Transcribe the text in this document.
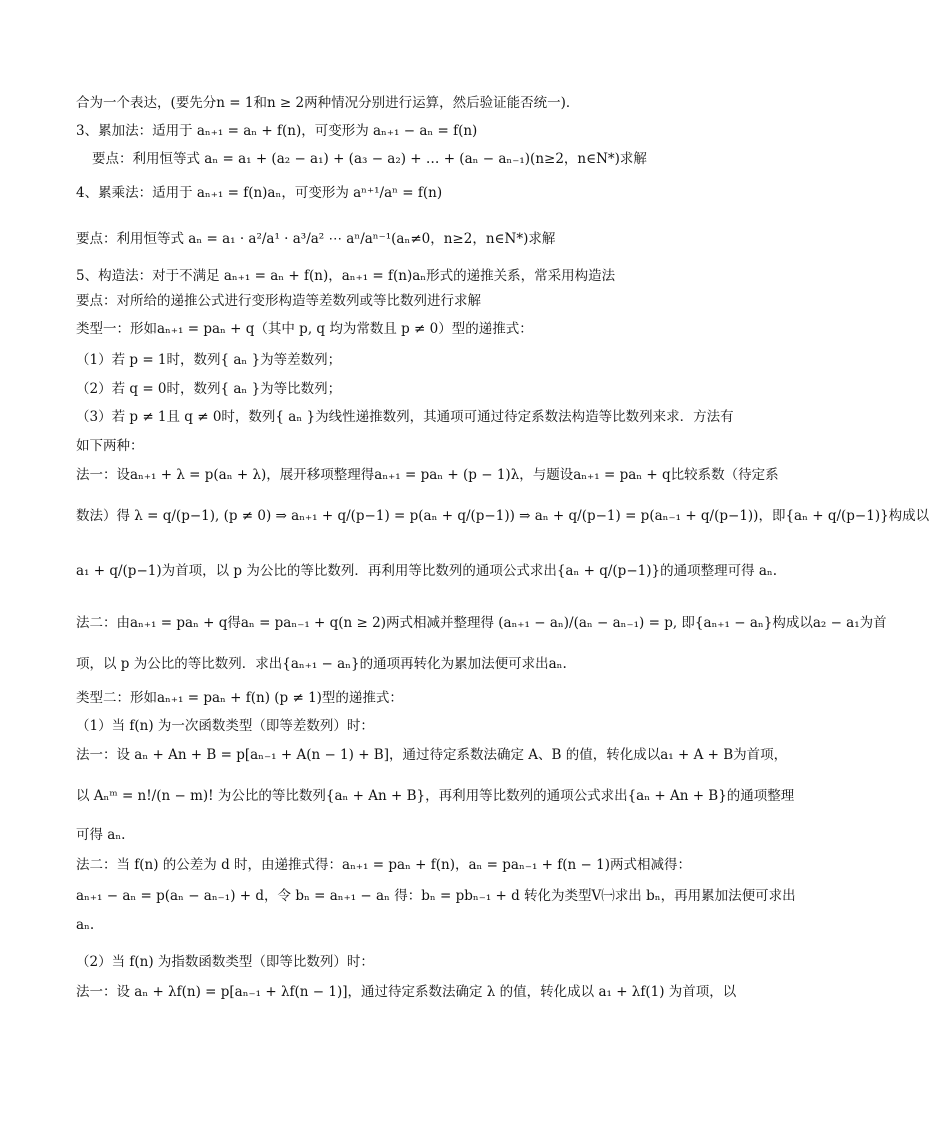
合为一个表达，(要先分n = 1和n ≥ 2两种情况分别进行运算，然后验证能否统一)．
3、累加法：适用于 aₙ₊₁ = aₙ + f(n)，可变形为 aₙ₊₁ − aₙ = f(n)
要点：利用恒等式 aₙ = a₁ + (a₂ − a₁) + (a₃ − a₂) + … + (aₙ − aₙ₋₁)(n≥2，n∈N*)求解
4、累乘法：适用于 aₙ₊₁ = f(n)aₙ，可变形为 aⁿ⁺¹/aⁿ = f(n)
要点：利用恒等式 aₙ = a₁ · a²/a¹ · a³/a² ⋯ aⁿ/aⁿ⁻¹(aₙ≠0，n≥2，n∈N*)求解
5、构造法：对于不满足 aₙ₊₁ = aₙ + f(n)，aₙ₊₁ = f(n)aₙ形式的递推关系，常采用构造法
要点：对所给的递推公式进行变形构造等差数列或等比数列进行求解
类型一：形如aₙ₊₁ = paₙ + q（其中 p, q 均为常数且 p ≠ 0）型的递推式：
（1）若 p = 1时，数列{ aₙ }为等差数列；
（2）若 q = 0时，数列{ aₙ }为等比数列；
（3）若 p ≠ 1且 q ≠ 0时，数列{ aₙ }为线性递推数列，其通项可通过待定系数法构造等比数列来求．方法有
如下两种：
法一：设aₙ₊₁ + λ = p(aₙ + λ)，展开移项整理得aₙ₊₁ = paₙ + (p − 1)λ，与题设aₙ₊₁ = paₙ + q比较系数（待定系
数法）得 λ = q/(p−1), (p ≠ 0) ⇒ aₙ₊₁ + q/(p−1) = p(aₙ + q/(p−1)) ⇒ aₙ + q/(p−1) = p(aₙ₋₁ + q/(p−1))，即{aₙ + q/(p−1)}构成以
a₁ + q/(p−1)为首项，以 p 为公比的等比数列．再利用等比数列的通项公式求出{aₙ + q/(p−1)}的通项整理可得 aₙ.
法二：由aₙ₊₁ = paₙ + q得aₙ = paₙ₋₁ + q(n ≥ 2)两式相减并整理得 (aₙ₊₁ − aₙ)/(aₙ − aₙ₋₁) = p, 即{aₙ₊₁ − aₙ}构成以a₂ − a₁为首
项，以 p 为公比的等比数列．求出{aₙ₊₁ − aₙ}的通项再转化为累加法便可求出aₙ.
类型二：形如aₙ₊₁ = paₙ + f(n) (p ≠ 1)型的递推式：
（1）当 f(n) 为一次函数类型（即等差数列）时：
法一：设 aₙ + An + B = p[aₙ₋₁ + A(n − 1) + B]，通过待定系数法确定 A、B 的值，转化成以a₁ + A + B为首项，
以 Aₙᵐ = n!/(n − m)! 为公比的等比数列{aₙ + An + B}，再利用等比数列的通项公式求出{aₙ + An + B}的通项整理
可得 aₙ.
法二：当 f(n) 的公差为 d 时，由递推式得：aₙ₊₁ = paₙ + f(n)，aₙ = paₙ₋₁ + f(n − 1)两式相减得：
aₙ₊₁ − aₙ = p(aₙ − aₙ₋₁) + d，令 bₙ = aₙ₊₁ − aₙ 得：bₙ = pbₙ₋₁ + d 转化为类型Ⅴ㈠求出 bₙ，再用累加法便可求出
aₙ.
（2）当 f(n) 为指数函数类型（即等比数列）时：
法一：设 aₙ + λf(n) = p[aₙ₋₁ + λf(n − 1)]，通过待定系数法确定 λ 的值，转化成以 a₁ + λf(1) 为首项，以
